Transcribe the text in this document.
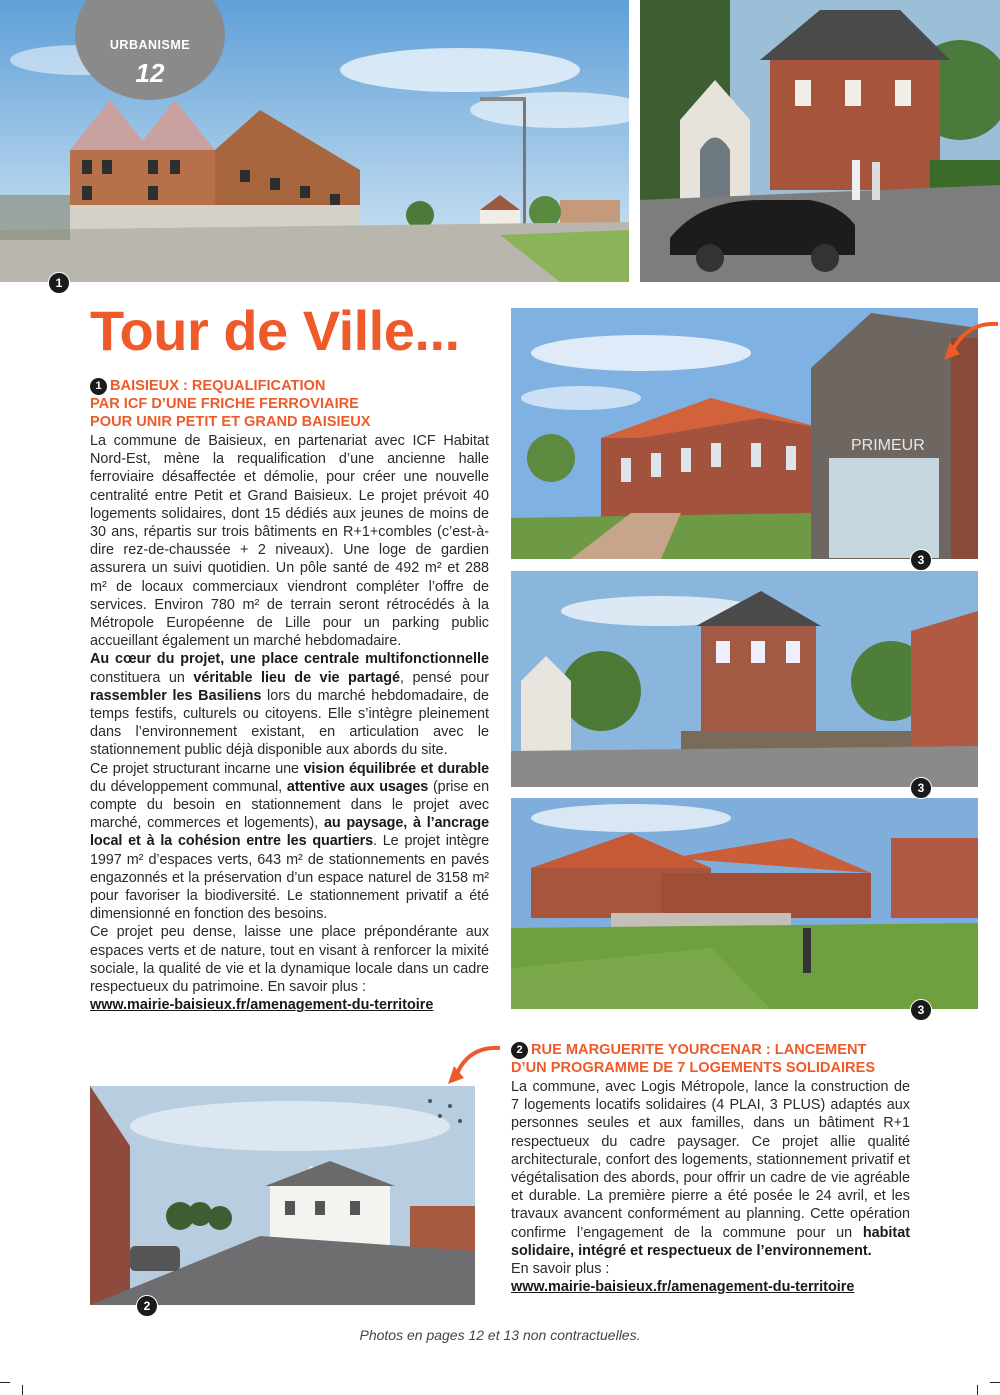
URBANISME
12
1
Tour de Ville...
1 BAISIEUX : REQUALIFICATION
PAR ICF D’UNE FRICHE FERROVIAIRE
POUR UNIR PETIT ET GRAND BAISIEUX

La commune de Baisieux, en partenariat avec ICF Habitat Nord-Est, mène la requalification d’une ancienne halle ferroviaire désaffectée et démolie, pour créer une nouvelle centralité entre Petit et Grand Baisieux. Le projet prévoit 40 logements solidaires, dont 15 dédiés aux jeunes de moins de 30 ans, répartis sur trois bâtiments en R+1+combles (c’est-à-dire rez-de-chaussée + 2 niveaux). Une loge de gardien assurera un suivi quotidien. Un pôle santé de 492 m² et 288 m² de locaux commerciaux viendront compléter l’offre de services. Environ 780 m² de terrain seront rétrocédés à la Métropole Européenne de Lille pour un parking public accueillant également un marché hebdomadaire.

Au cœur du projet, une place centrale multifonctionnelle constituera un véritable lieu de vie partagé, pensé pour rassembler les Basiliens lors du marché hebdomadaire, de temps festifs, culturels ou citoyens. Elle s’intègre pleinement dans l’environnement existant, en articulation avec le stationnement public déjà disponible aux abords du site.

Ce projet structurant incarne une vision équilibrée et durable du développement communal, attentive aux usages (prise en compte du besoin en stationnement dans le projet avec marché, commerces et logements), au paysage, à l’ancrage local et à la cohésion entre les quartiers. Le projet intègre 1997 m² d’espaces verts, 643 m² de stationnements en pavés engazonnés et la préservation d’un espace naturel de 3158 m² pour favoriser la biodiversité. Le stationnement privatif a été dimensionné en fonction des besoins.

Ce projet peu dense, laisse une place prépondérante aux espaces verts et de nature, tout en visant à renforcer la mixité sociale, la qualité de vie et la dynamique locale dans un cadre respectueux du patrimoine. En savoir plus :

www.mairie-baisieux.fr/amenagement-du-territoire
PRIMEUR
3
3
3
2
2 RUE MARGUERITE YOURCENAR : LANCEMENT
D’UN PROGRAMME DE 7 LOGEMENTS SOLIDAIRES

La commune, avec Logis Métropole, lance la construction de 7 logements locatifs solidaires (4 PLAI, 3 PLUS) adaptés aux personnes seules et aux familles, dans un bâtiment R+1 respectueux du cadre paysager. Ce projet allie qualité architecturale, confort des logements, stationnement privatif et végétalisation des abords, pour offrir un cadre de vie agréable et durable. La première pierre a été posée le 24 avril, et les travaux avancent conformément au planning. Cette opération confirme l’engagement de la commune pour un habitat solidaire, intégré et respectueux de l’environnement.

En savoir plus :

www.mairie-baisieux.fr/amenagement-du-territoire
Photos en pages 12 et 13 non contractuelles.
